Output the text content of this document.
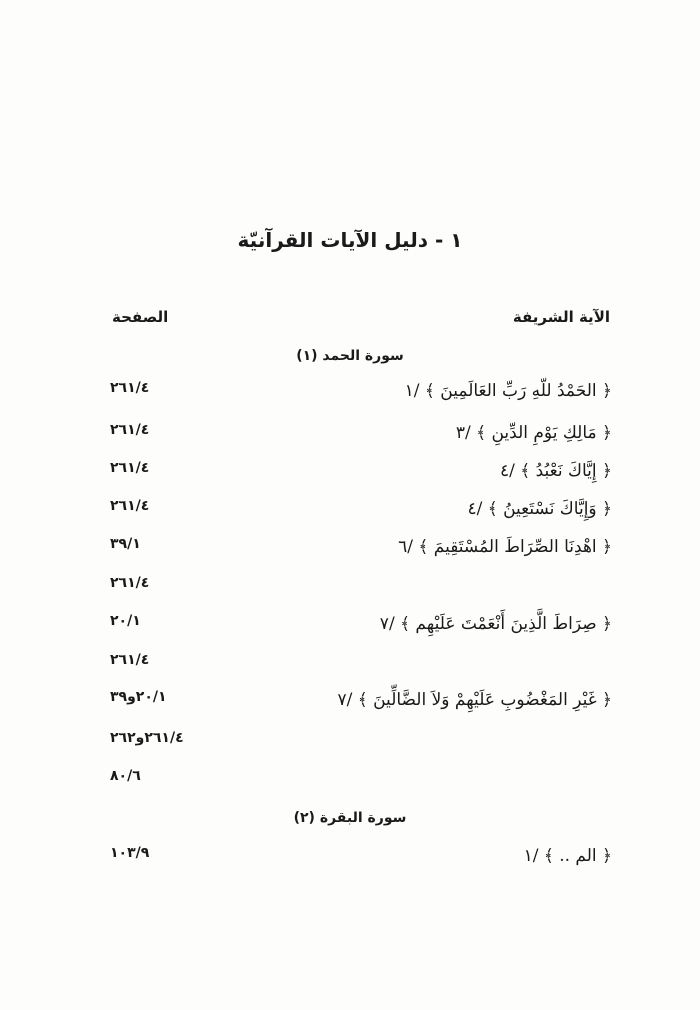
١ - دليل الآيات القرآنيّة
الآية الشريفة
الصفحة
سورة الحمد (١)
﴿ الحَمْدُ للّهِ رَبِّ العَالَمِينَ ﴾ /١
٢٦١/٤
﴿ مَالِكِ يَوْمِ الدِّينِ ﴾ /٣
٢٦١/٤
﴿ إِيَّاكَ نَعْبُدُ ﴾ /٤
٢٦١/٤
﴿ وَإِيَّاكَ نَسْتَعِينُ ﴾ /٤
٢٦١/٤
﴿ اهْدِنَا الصِّرَاطَ المُسْتَقِيمَ ﴾ /٦
٣٩/١
٢٦١/٤
﴿ صِرَاطَ الَّذِينَ أَنْعَمْتَ عَلَيْهِم ﴾ /٧
٢٠/١
٢٦١/٤
﴿ غَيْرِ المَغْضُوبِ عَلَيْهِمْ وَلاَ الضَّالِّينَ ﴾ /٧
٢٠/١و٣٩
٢٦١/٤و٢٦٢
٨٠/٦
سورة البقرة (٢)
﴿ الم .. ﴾ /١
١٠٣/٩
